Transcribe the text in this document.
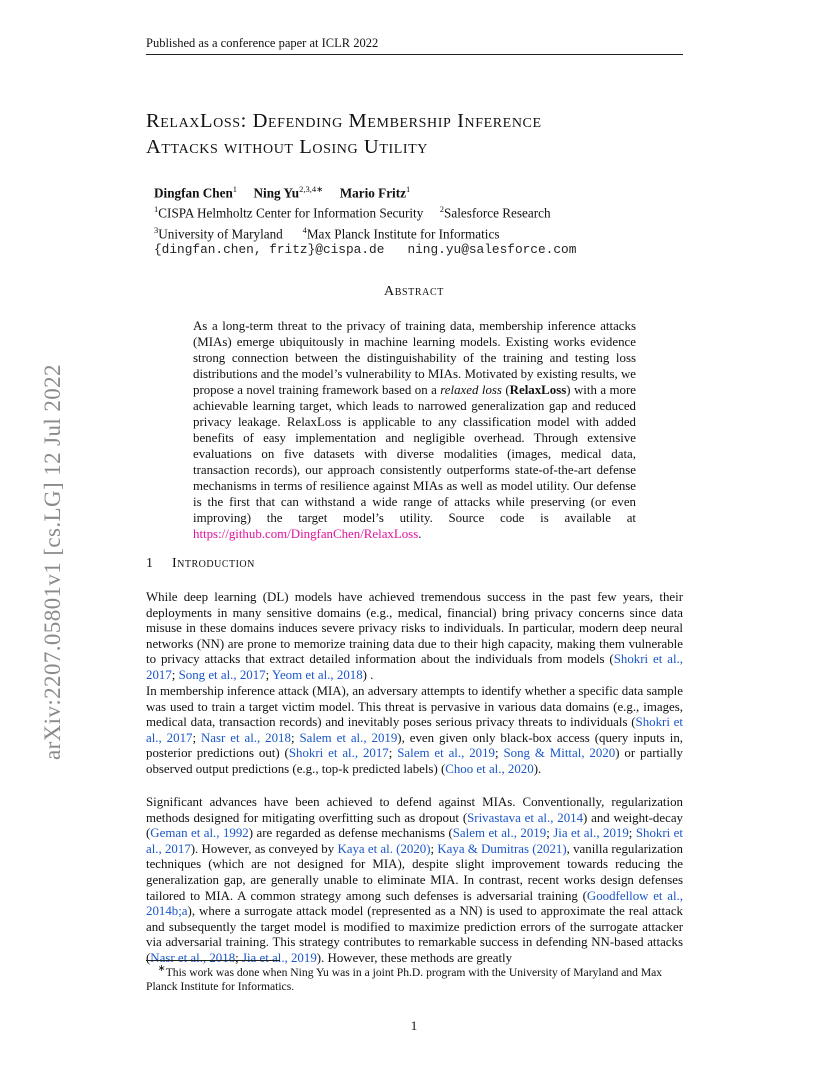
Published as a conference paper at ICLR 2022
arXiv:2207.05801v1 [cs.LG] 12 Jul 2022
RelaxLoss: Defending Membership Inference
Attacks without Losing Utility
Dingfan Chen$^1$ Ning $Yu^{2,3,4∗}$ Mario Fritz$^1$
$^1$CISPA Helmholtz Center for Information Security $^2$Salesforce Research
$^3$University of Maryland $^4$Max Planck Institute for Informatics
{dingfan.chen, fritz}@cispa.de ning.yu@salesforce.com
Abstract
As a long-term threat to the privacy of training data, membership inference attacks (MIAs) emerge ubiquitously in machine learning models. Existing works evidence strong connection between the distinguishability of the training and testing loss distributions and the model’s vulnerability to MIAs. Motivated by existing results, we propose a novel training framework based on a relaxed loss (RelaxLoss) with a more achievable learning target, which leads to narrowed generalization gap and reduced privacy leakage. RelaxLoss is applicable to any classification model with added benefits of easy implementation and negligible overhead. Through extensive evaluations on five datasets with diverse modalities (images, medical data, transaction records), our approach consistently outperforms state-of-the-art defense mechanisms in terms of resilience against MIAs as well as model utility. Our defense is the first that can withstand a wide range of attacks while preserving (or even improving) the target model’s utility. Source code is available at https://github.com/DingfanChen/RelaxLoss.
1 Introduction
While deep learning (DL) models have achieved tremendous success in the past few years, their deployments in many sensitive domains (e.g., medical, financial) bring privacy concerns since data misuse in these domains induces severe privacy risks to individuals. In particular, modern deep neural networks (NN) are prone to memorize training data due to their high capacity, making them vulnerable to privacy attacks that extract detailed information about the individuals from models (Shokri et al., 2017; Song et al., 2017; Yeom et al., 2018) .
In membership inference attack (MIA), an adversary attempts to identify whether a specific data sample was used to train a target victim model. This threat is pervasive in various data domains (e.g., images, medical data, transaction records) and inevitably poses serious privacy threats to individuals (Shokri et al., 2017; Nasr et al., 2018; Salem et al., 2019), even given only black-box access (query inputs in, posterior predictions out) (Shokri et al., 2017; Salem et al., 2019; Song & Mittal, 2020) or partially observed output predictions (e.g., top-k predicted labels) (Choo et al., 2020).
Significant advances have been achieved to defend against MIAs. Conventionally, regularization methods designed for mitigating overfitting such as dropout (Srivastava et al., 2014) and weight-decay (Geman et al., 1992) are regarded as defense mechanisms (Salem et al., 2019; Jia et al., 2019; Shokri et al., 2017). However, as conveyed by Kaya et al. (2020); Kaya & Dumitras (2021), vanilla regularization techniques (which are not designed for MIA), despite slight improvement towards reducing the generalization gap, are generally unable to eliminate MIA. In contrast, recent works design defenses tailored to MIA. A common strategy among such defenses is adversarial training (Goodfellow et al., 2014b;a), where a surrogate attack model (represented as a NN) is used to approximate the real attack and subsequently the target model is modified to maximize prediction errors of the surrogate attacker via adversarial training. This strategy contributes to remarkable success in defending NN-based attacks (Nasr et al., 2018; Jia et al., 2019). However, these methods are greatly
∗This work was done when Ning Yu was in a joint Ph.D. program with the University of Maryland and Max Planck Institute for Informatics.
1
